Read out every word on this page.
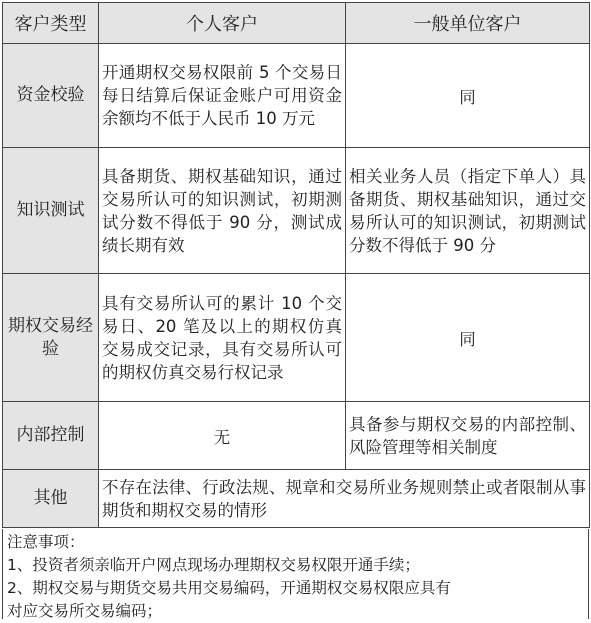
客户类型	个人客户	一般单位客户
资金校验	开通期权交易权限前 5 个交易日每日结算后保证金账户可用资金余额均不低于人民币 10 万元	同
知识测试	具备期货、期权基础知识，通过交易所认可的知识测试，初期测试分数不得低于 90 分，测试成绩长期有效	相关业务人员（指定下单人）具备期货、期权基础知识，通过交易所认可的知识测试，初期测试分数不得低于 90 分
期权交易经验	具有交易所认可的累计 10 个交易日、20 笔及以上的期权仿真交易成交记录，具有交易所认可的期权仿真交易行权记录	同
内部控制	无	具备参与期权交易的内部控制、风险管理等相关制度
其他	不存在法律、行政法规、规章和交易所业务规则禁止或者限制从事期货和期权交易的情形	
注意事项：
1、投资者须亲临开户网点现场办理期权交易权限开通手续；
2、期权交易与期货交易共用交易编码，开通期权交易权限应具有
对应交易所交易编码；
